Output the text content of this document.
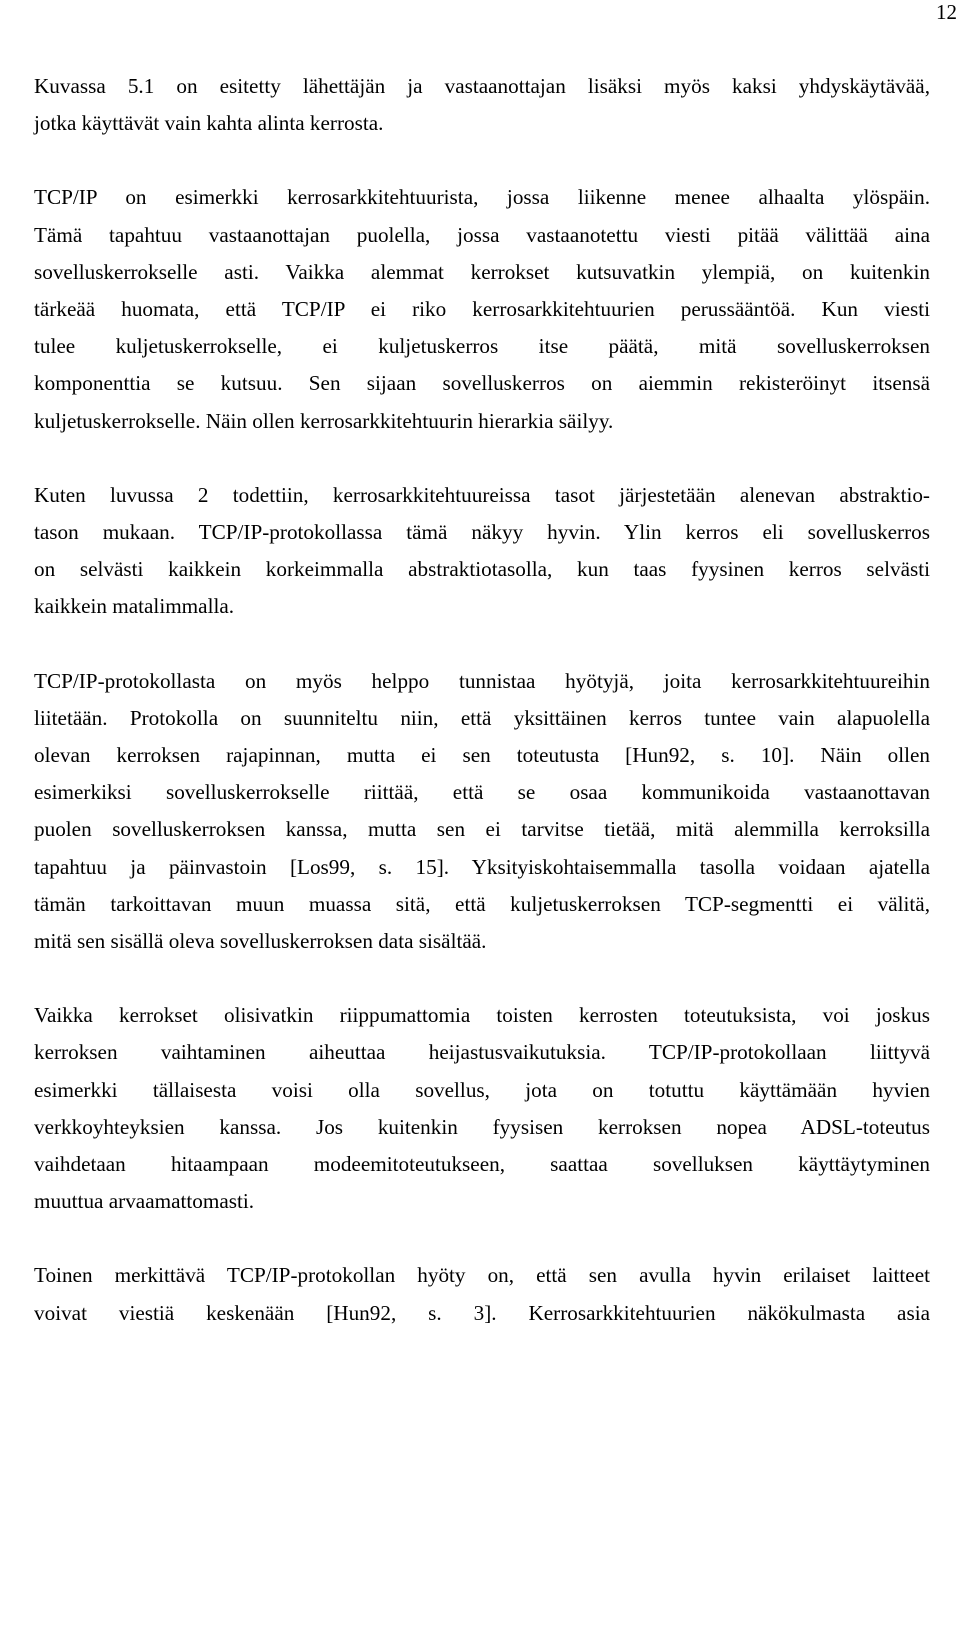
12
Kuvassa 5.1 on esitetty lähettäjän ja vastaanottajan lisäksi myös kaksi yhdyskäytävää,
jotka käyttävät vain kahta alinta kerrosta.
TCP/IP on esimerkki kerrosarkkitehtuurista, jossa liikenne menee alhaalta ylöspäin.
Tämä tapahtuu vastaanottajan puolella, jossa vastaanotettu viesti pitää välittää aina
sovelluskerrokselle asti. Vaikka alemmat kerrokset kutsuvatkin ylempiä, on kuitenkin
tärkeää huomata, että TCP/IP ei riko kerrosarkkitehtuurien perussääntöä. Kun viesti
tulee kuljetuskerrokselle, ei kuljetuskerros itse päätä, mitä sovelluskerroksen
komponenttia se kutsuu. Sen sijaan sovelluskerros on aiemmin rekisteröinyt itsensä
kuljetuskerrokselle. Näin ollen kerrosarkkitehtuurin hierarkia säilyy.
Kuten luvussa 2 todettiin, kerrosarkkitehtuureissa tasot järjestetään alenevan abstraktio-
tason mukaan. TCP/IP-protokollassa tämä näkyy hyvin. Ylin kerros eli sovelluskerros
on selvästi kaikkein korkeimmalla abstraktiotasolla, kun taas fyysinen kerros selvästi
kaikkein matalimmalla.
TCP/IP-protokollasta on myös helppo tunnistaa hyötyjä, joita kerrosarkkitehtuureihin
liitetään. Protokolla on suunniteltu niin, että yksittäinen kerros tuntee vain alapuolella
olevan kerroksen rajapinnan, mutta ei sen toteutusta [Hun92, s. 10]. Näin ollen
esimerkiksi sovelluskerrokselle riittää, että se osaa kommunikoida vastaanottavan
puolen sovelluskerroksen kanssa, mutta sen ei tarvitse tietää, mitä alemmilla kerroksilla
tapahtuu ja päinvastoin [Los99, s. 15]. Yksityiskohtaisemmalla tasolla voidaan ajatella
tämän tarkoittavan muun muassa sitä, että kuljetuskerroksen TCP-segmentti ei välitä,
mitä sen sisällä oleva sovelluskerroksen data sisältää.
Vaikka kerrokset olisivatkin riippumattomia toisten kerrosten toteutuksista, voi joskus
kerroksen vaihtaminen aiheuttaa heijastusvaikutuksia. TCP/IP-protokollaan liittyvä
esimerkki tällaisesta voisi olla sovellus, jota on totuttu käyttämään hyvien
verkkoyhteyksien kanssa. Jos kuitenkin fyysisen kerroksen nopea ADSL-toteutus
vaihdetaan hitaampaan modeemitoteutukseen, saattaa sovelluksen käyttäytyminen
muuttua arvaamattomasti.
Toinen merkittävä TCP/IP-protokollan hyöty on, että sen avulla hyvin erilaiset laitteet
voivat viestiä keskenään [Hun92, s. 3]. Kerrosarkkitehtuurien näkökulmasta asia
